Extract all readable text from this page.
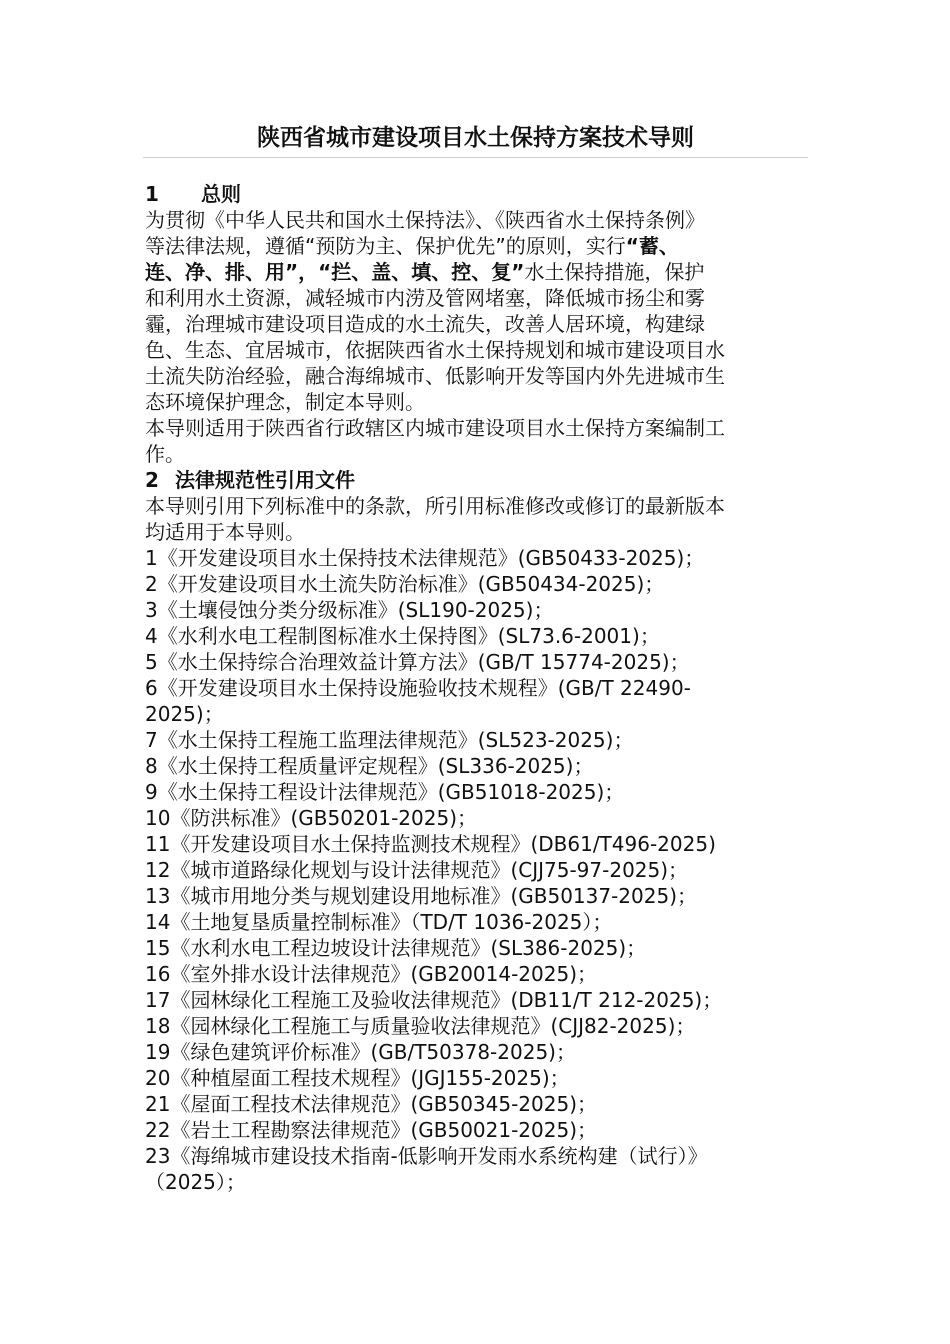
陕西省城市建设项目水土保持方案技术导则
1 总则
为贯彻《中华人民共和国水土保持法》、《陕西省水土保持条例》
等法律法规，遵循“预防为主、保护优先”的原则，实行“蓄、
连、净、排、用”，“拦、盖、填、控、复”水土保持措施，保护
和利用水土资源，减轻城市内涝及管网堵塞，降低城市扬尘和雾
霾，治理城市建设项目造成的水土流失，改善人居环境，构建绿
色、生态、宜居城市，依据陕西省水土保持规划和城市建设项目水
土流失防治经验，融合海绵城市、低影响开发等国内外先进城市生
态环境保护理念，制定本导则。
本导则适用于陕西省行政辖区内城市建设项目水土保持方案编制工
作。
2 法律规范性引用文件
本导则引用下列标准中的条款，所引用标准修改或修订的最新版本
均适用于本导则。
1《开发建设项目水土保持技术法律规范》(GB50433-2025)；
2《开发建设项目水土流失防治标准》(GB50434-2025)；
3《土壤侵蚀分类分级标准》(SL190-2025)；
4《水利水电工程制图标准水土保持图》(SL73.6-2001)；
5《水土保持综合治理效益计算方法》(GB/T 15774-2025)；
6《开发建设项目水土保持设施验收技术规程》(GB/T 22490-
2025)；
7《水土保持工程施工监理法律规范》(SL523-2025)；
8《水土保持工程质量评定规程》(SL336-2025)；
9《水土保持工程设计法律规范》(GB51018-2025)；
10《防洪标准》(GB50201-2025)；
11《开发建设项目水土保持监测技术规程》(DB61/T496-2025)
12《城市道路绿化规划与设计法律规范》(CJJ75-97-2025)；
13《城市用地分类与规划建设用地标准》(GB50137-2025)；
14《土地复垦质量控制标准》（TD/T 1036-2025）；
15《水利水电工程边坡设计法律规范》(SL386-2025)；
16《室外排水设计法律规范》(GB20014-2025)；
17《园林绿化工程施工及验收法律规范》(DB11/T 212-2025)；
18《园林绿化工程施工与质量验收法律规范》(CJJ82-2025)；
19《绿色建筑评价标准》(GB/T50378-2025)；
20《种植屋面工程技术规程》(JGJ155-2025)；
21《屋面工程技术法律规范》(GB50345-2025)；
22《岩土工程勘察法律规范》(GB50021-2025)；
23《海绵城市建设技术指南-低影响开发雨水系统构建（试行）》
（2025）；
